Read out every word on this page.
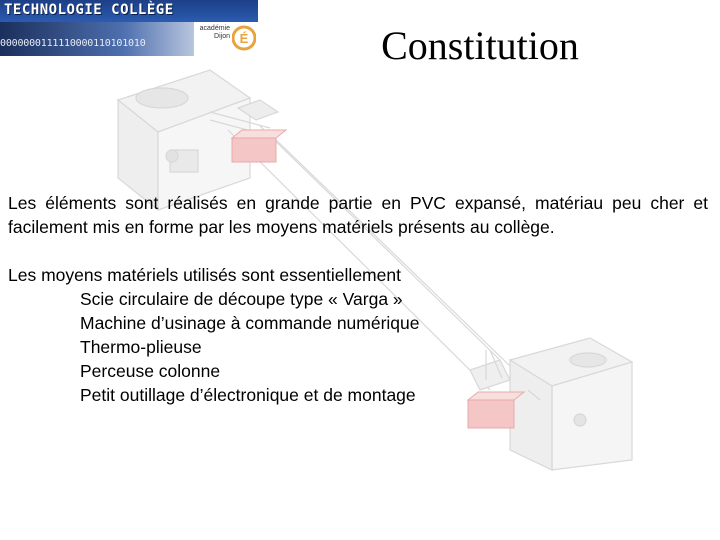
TECHNOLOGIE COLLÈGE
0000000111110000110101010
académie Dijon É	Constitution
Les éléments sont réalisés en grande partie en PVC expansé, matériau peu cher et facilement mis en forme par les moyens matériels présents au collège.
Les moyens matériels utilisés sont essentiellement
Scie circulaire de découpe type « Varga »
Machine d’usinage à commande numérique
Thermo-plieuse
Perceuse colonne
Petit outillage d’électronique et de montage
